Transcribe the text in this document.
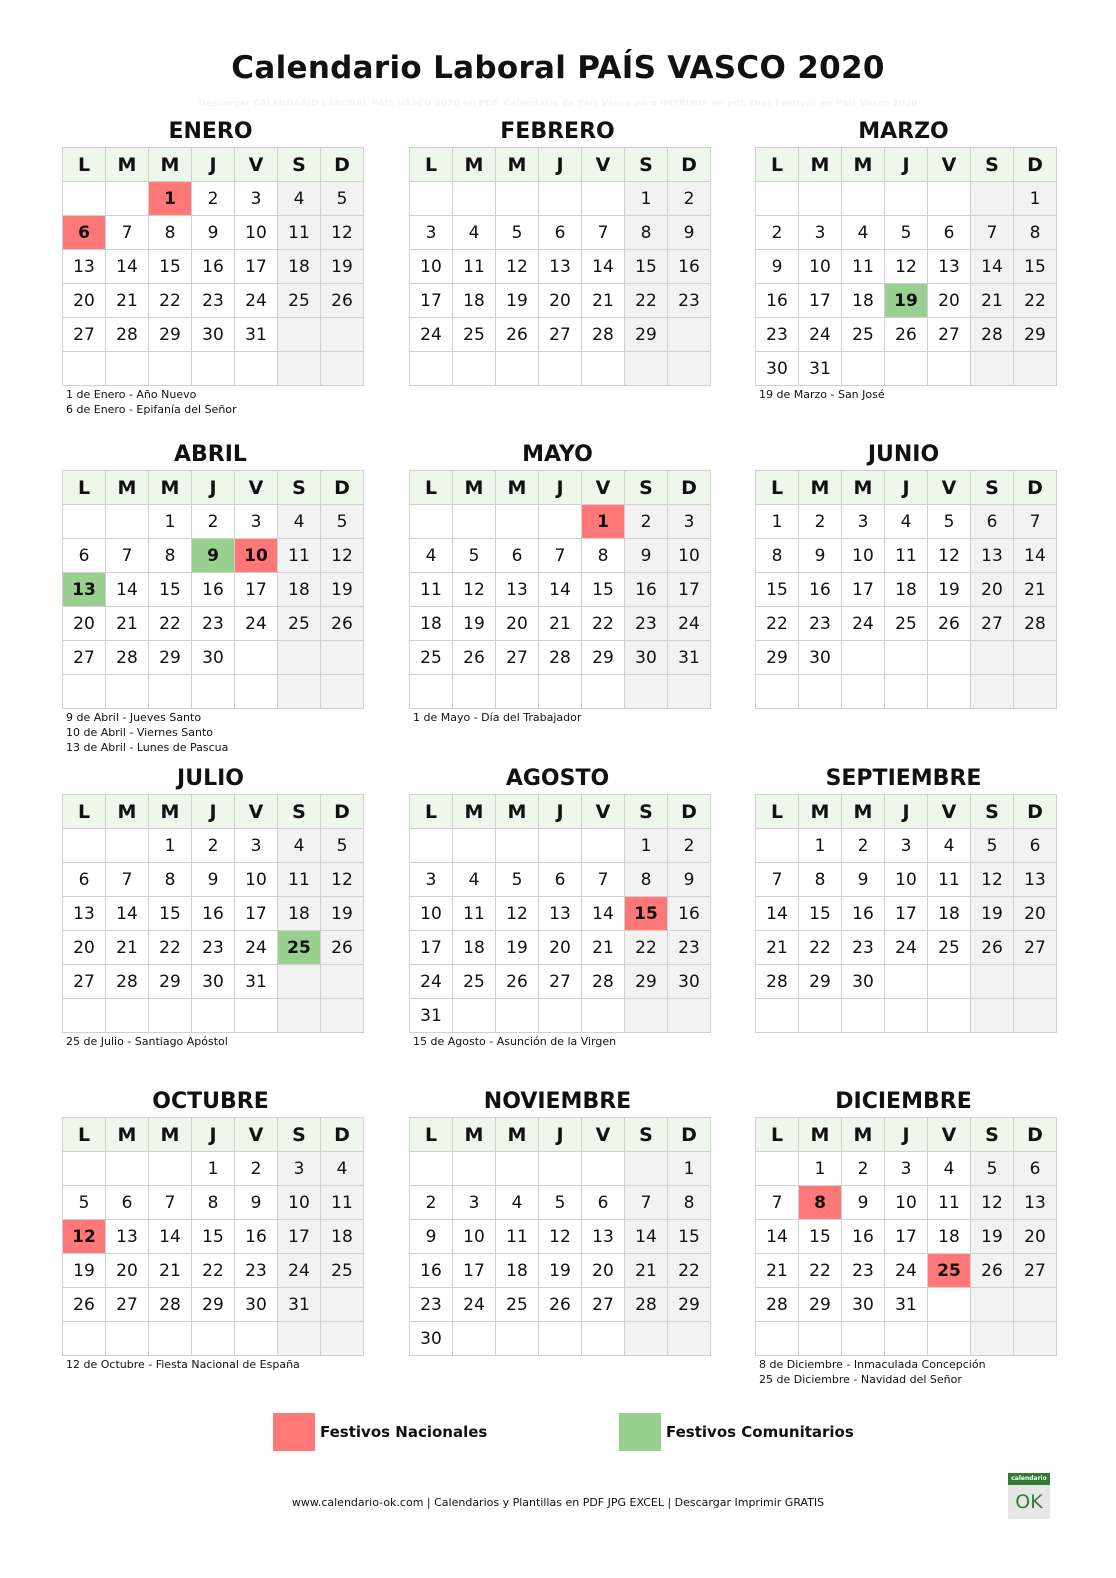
Calendario Laboral PAÍS VASCO 2020
Descargar CALENDARIO LABORAL PAÍS VASCO 2020 en PDF. Calendario de País Vasco para IMPRIMIR en pdf. Días Festivos en País Vasco 2020
ENERO
L	M	M	J	V	S	D
		1	2	3	4	5
6	7	8	9	10	11	12
13	14	15	16	17	18	19
20	21	22	23	24	25	26
27	28	29	30	31		

1 de Enero - Año Nuevo
6 de Enero - Epifanía del Señor
FEBRERO
L	M	M	J	V	S	D
					1	2
3	4	5	6	7	8	9
10	11	12	13	14	15	16
17	18	19	20	21	22	23
24	25	26	27	28	29	

MARZO
L	M	M	J	V	S	D
						1
2	3	4	5	6	7	8
9	10	11	12	13	14	15
16	17	18	19	20	21	22
23	24	25	26	27	28	29
30	31					
19 de Marzo - San José
ABRIL
L	M	M	J	V	S	D
		1	2	3	4	5
6	7	8	9	10	11	12
13	14	15	16	17	18	19
20	21	22	23	24	25	26
27	28	29	30			

9 de Abril - Jueves Santo
10 de Abril - Viernes Santo
13 de Abril - Lunes de Pascua
MAYO
L	M	M	J	V	S	D
				1	2	3
4	5	6	7	8	9	10
11	12	13	14	15	16	17
18	19	20	21	22	23	24
25	26	27	28	29	30	31

1 de Mayo - Día del Trabajador
JUNIO
L	M	M	J	V	S	D
1	2	3	4	5	6	7
8	9	10	11	12	13	14
15	16	17	18	19	20	21
22	23	24	25	26	27	28
29	30					

JULIO
L	M	M	J	V	S	D
		1	2	3	4	5
6	7	8	9	10	11	12
13	14	15	16	17	18	19
20	21	22	23	24	25	26
27	28	29	30	31		

25 de Julio - Santiago Apóstol
AGOSTO
L	M	M	J	V	S	D
					1	2
3	4	5	6	7	8	9
10	11	12	13	14	15	16
17	18	19	20	21	22	23
24	25	26	27	28	29	30
31						
15 de Agosto - Asunción de la Virgen
SEPTIEMBRE
L	M	M	J	V	S	D
	1	2	3	4	5	6
7	8	9	10	11	12	13
14	15	16	17	18	19	20
21	22	23	24	25	26	27
28	29	30				

OCTUBRE
L	M	M	J	V	S	D
			1	2	3	4
5	6	7	8	9	10	11
12	13	14	15	16	17	18
19	20	21	22	23	24	25
26	27	28	29	30	31	

12 de Octubre - Fiesta Nacional de España
NOVIEMBRE
L	M	M	J	V	S	D
						1
2	3	4	5	6	7	8
9	10	11	12	13	14	15
16	17	18	19	20	21	22
23	24	25	26	27	28	29
30						
DICIEMBRE
L	M	M	J	V	S	D
	1	2	3	4	5	6
7	8	9	10	11	12	13
14	15	16	17	18	19	20
21	22	23	24	25	26	27
28	29	30	31			

8 de Diciembre - Inmaculada Concepción
25 de Diciembre - Navidad del Señor
Festivos Nacionales	Festivos Comunitarios
www.calendario-ok.com | Calendarios y Plantillas en PDF JPG EXCEL | Descargar Imprimir GRATIS
calendario
OK
